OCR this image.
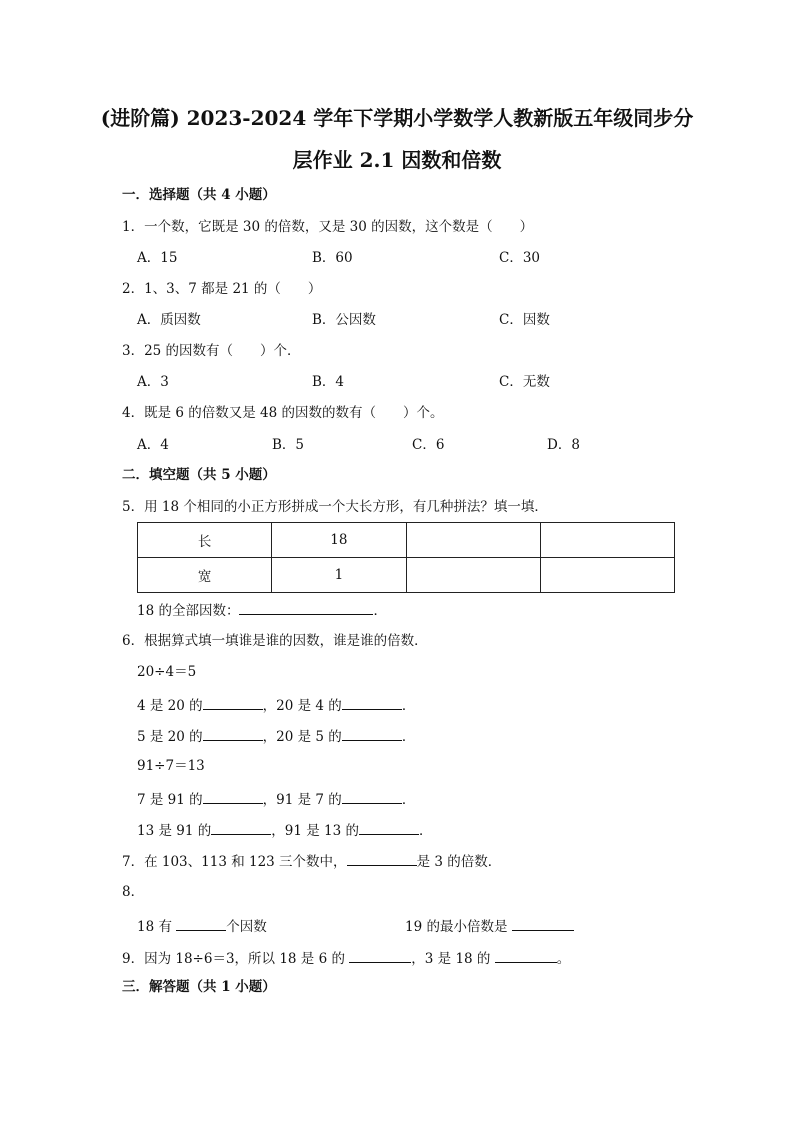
(进阶篇) 2023-2024 学年下学期小学数学人教新版五年级同步分
层作业 2.1 因数和倍数
一．选择题（共 4 小题）
1．一个数，它既是 30 的倍数，又是 30 的因数，这个数是（　　）
A．15	B．60	C．30
2．1、3、7 都是 21 的（　　）
A．质因数	B．公因数	C．因数
3．25 的因数有（　　）个．
A．3	B．4	C．无数
4．既是 6 的倍数又是 48 的因数的数有（　　）个。
A．4	B．5	C．6	D．8
二．填空题（共 5 小题）
5．用 18 个相同的小正方形拼成一个大长方形，有几种拼法？填一填．
长	18		
宽	1		
18 的全部因数：	．
6．根据算式填一填谁是谁的因数，谁是谁的倍数．
20÷4＝5
4 是 20 的	，20 是 4 的	．
5 是 20 的	，20 是 5 的	．
91÷7＝13
7 是 91 的	，91 是 7 的	．
13 是 91 的	，91 是 13 的	．
7．在 103、113 和 123 三个数中，	是 3 的倍数．
8．
18 有	个因数	19 的最小倍数是
9．因为 18÷6＝3，所以 18 是 6 的	，3 是 18 的	。
三．解答题（共 1 小题）
